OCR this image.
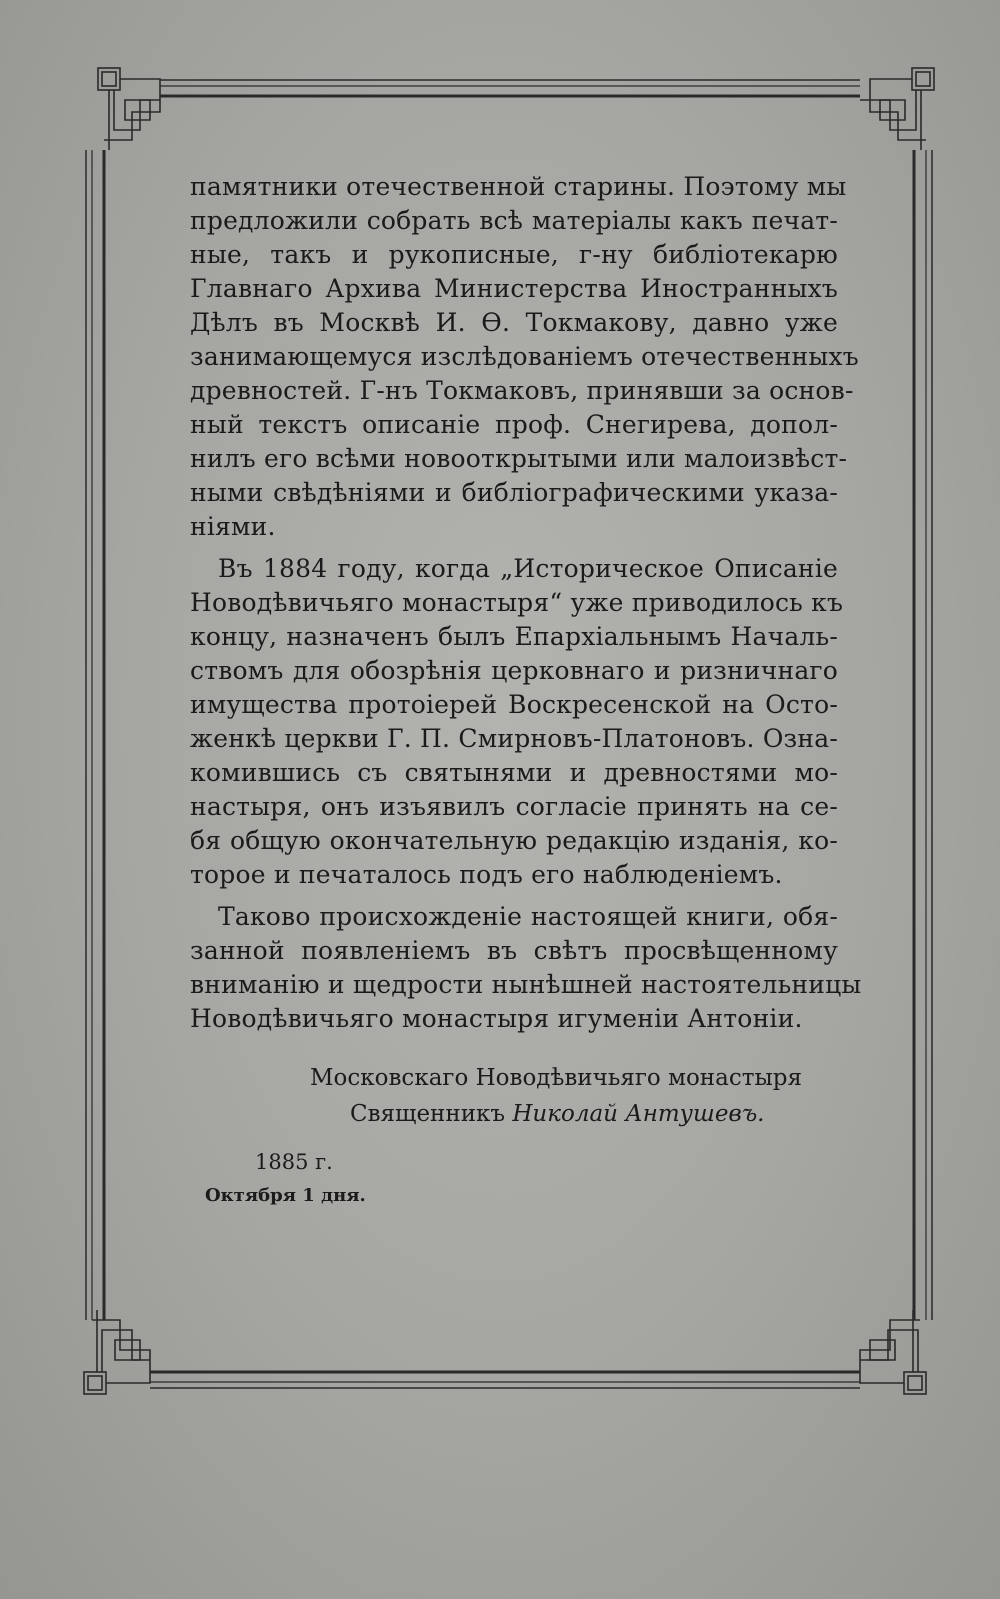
памятники отечественной старины. Поэтому мы
предложили собрать всѣ матеріалы какъ печат-
ные, такъ и рукописные, г-ну библіотекарю
Главнаго Архива Министерства Иностранныхъ
Дѣлъ въ Москвѣ И. Ѳ. Токмакову, давно уже
занимающемуся изслѣдованіемъ отечественныхъ
древностей. Г-нъ Токмаковъ, принявши за основ-
ный текстъ описаніе проф. Снегирева, допол-
нилъ его всѣми новооткрытыми или малоизвѣст-
ными свѣдѣніями и библіографическими указа-
ніями.
Въ 1884 году, когда „Историческое Описаніе
Новодѣвичьяго монастыря“ уже приводилось къ
концу, назначенъ былъ Епархіальнымъ Началь-
ствомъ для обозрѣнія церковнаго и ризничнаго
имущества протоіерей Воскресенской на Осто-
женкѣ церкви Г. П. Смирновъ-Платоновъ. Озна-
комившись съ святынями и древностями мо-
настыря, онъ изъявилъ согласіе принять на се-
бя общую окончательную редакцію изданія, ко-
торое и печаталось подъ его наблюденіемъ.
Таково происхожденіе настоящей книги, обя-
занной появленіемъ въ свѣтъ просвѣщенному
вниманію и щедрости нынѣшней настоятельницы
Новодѣвичьяго монастыря игуменіи Антоніи.
Московскаго Новодѣвичьяго монастыря
Священникъ Николай Антушевъ.
1885 г.
Октября 1 дня.
